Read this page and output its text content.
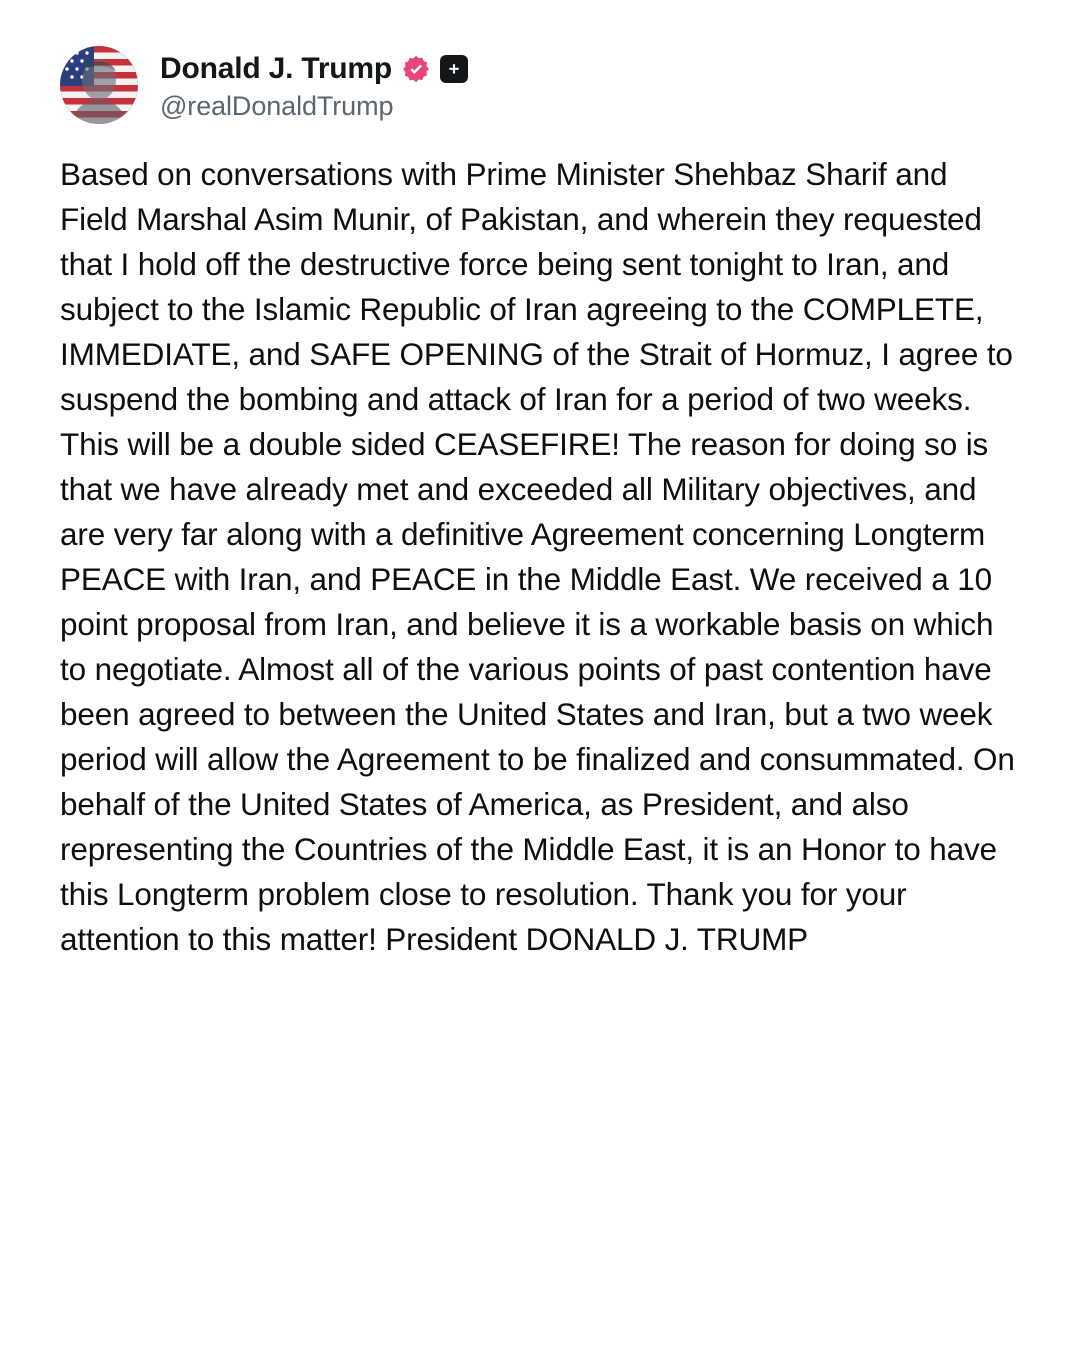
Donald J. Trump
@realDonaldTrump
Based on conversations with Prime Minister Shehbaz Sharif and Field Marshal Asim Munir, of Pakistan, and wherein they requested that I hold off the destructive force being sent tonight to Iran, and subject to the Islamic Republic of Iran agreeing to the COMPLETE, IMMEDIATE, and SAFE OPENING of the Strait of Hormuz, I agree to suspend the bombing and attack of Iran for a period of two weeks. This will be a double sided CEASEFIRE! The reason for doing so is that we have already met and exceeded all Military objectives, and are very far along with a definitive Agreement concerning Longterm PEACE with Iran, and PEACE in the Middle East. We received a 10 point proposal from Iran, and believe it is a workable basis on which to negotiate. Almost all of the various points of past contention have been agreed to between the United States and Iran, but a two week period will allow the Agreement to be finalized and consummated. On behalf of the United States of America, as President, and also representing the Countries of the Middle East, it is an Honor to have this Longterm problem close to resolution. Thank you for your attention to this matter! President DONALD J. TRUMP
